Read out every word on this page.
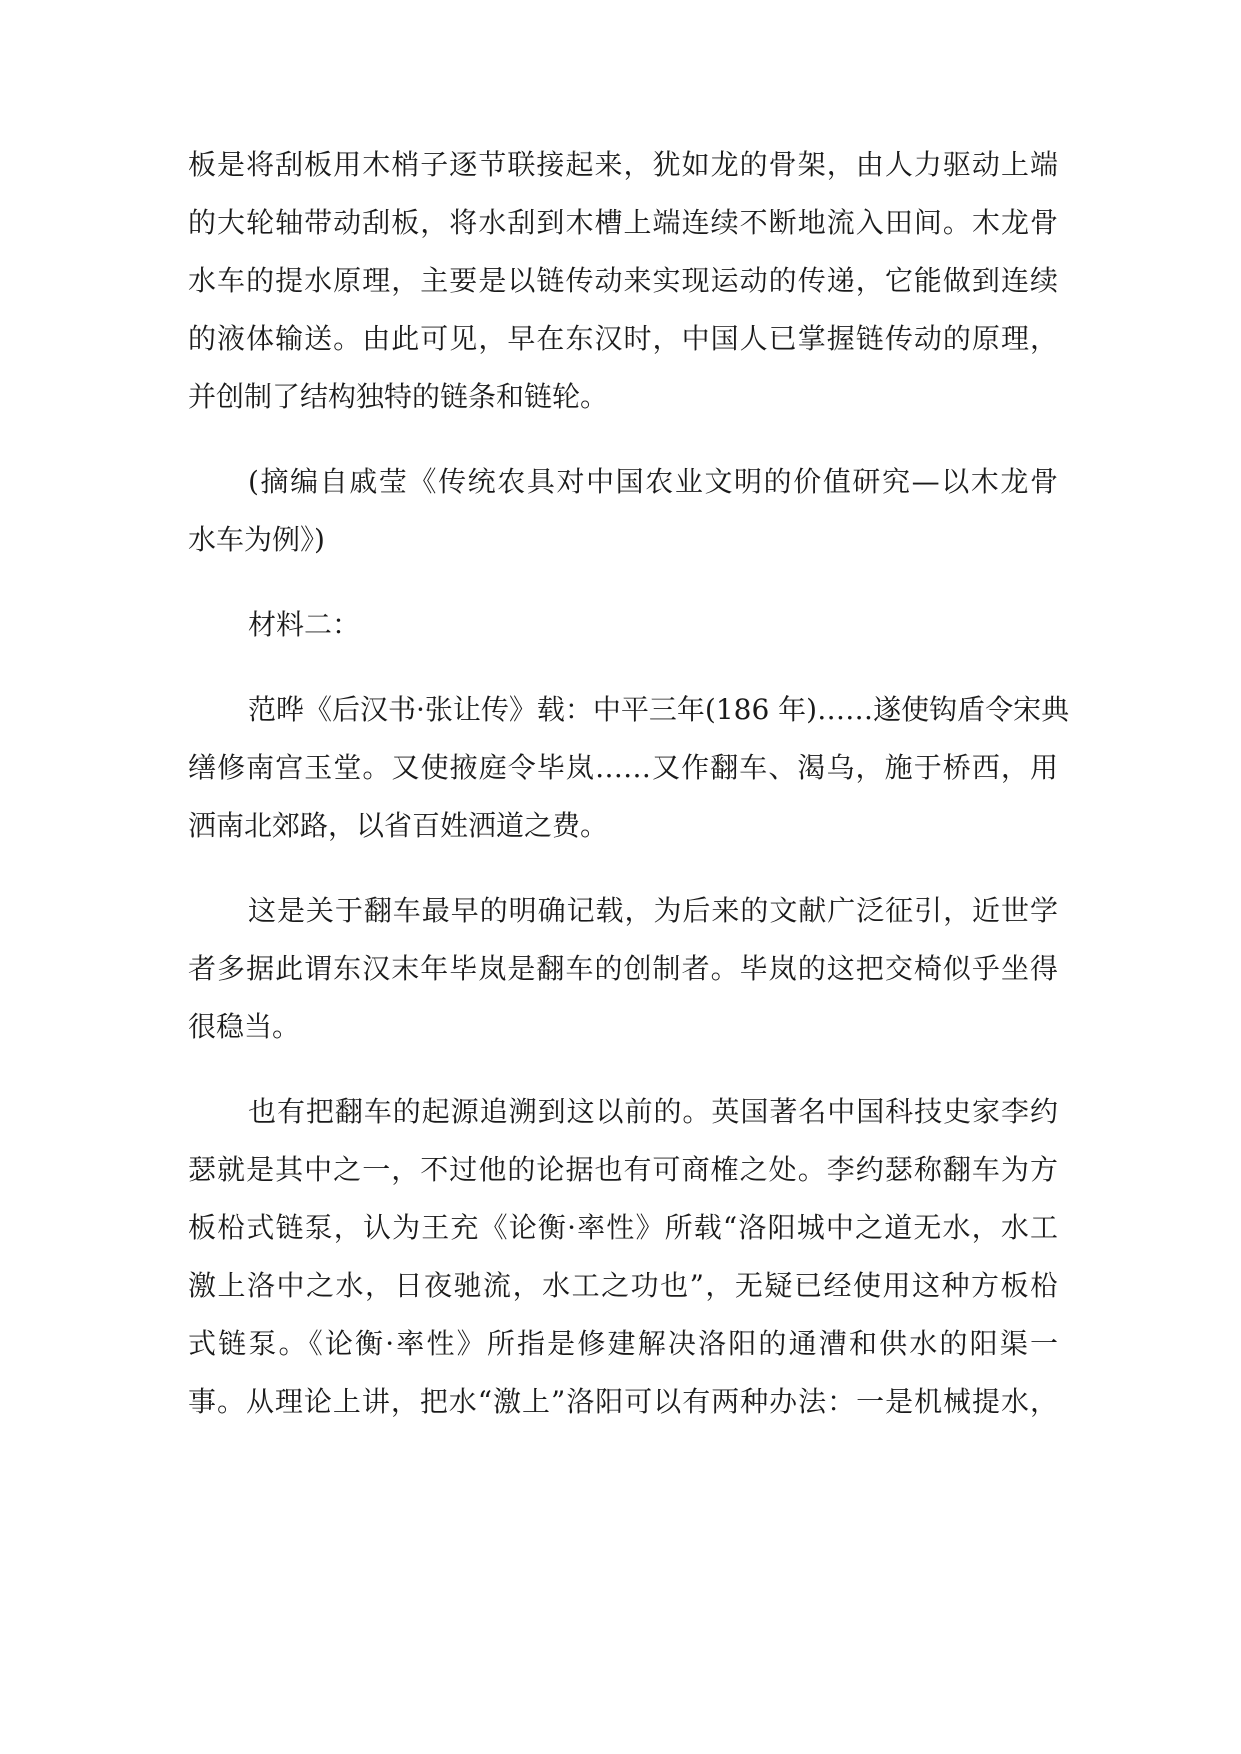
板是将刮板用木梢子逐节联接起来，犹如龙的骨架，由人力驱动上端
的大轮轴带动刮板，将水刮到木槽上端连续不断地流入田间。木龙骨
水车的提水原理，主要是以链传动来实现运动的传递，它能做到连续
的液体输送。由此可见，早在东汉时，中国人已掌握链传动的原理，
并创制了结构独特的链条和链轮。
(摘编自戚莹《传统农具对中国农业文明的价值研究—以木龙骨
水车为例》)
材料二：
范晔《后汉书·张让传》载：中平三年(186 年)……遂使钩盾令宋典
缮修南宫玉堂。又使掖庭令毕岚……又作翻车、渴乌，施于桥西，用
洒南北郊路，以省百姓洒道之费。
这是关于翻车最早的明确记载，为后来的文献广泛征引，近世学
者多据此谓东汉末年毕岚是翻车的创制者。毕岚的这把交椅似乎坐得
很稳当。
也有把翻车的起源追溯到这以前的。英国著名中国科技史家李约
瑟就是其中之一，不过他的论据也有可商榷之处。李约瑟称翻车为方
板柗式链泵，认为王充《论衡·率性》所载“洛阳城中之道无水，水工
激上洛中之水，日夜驰流，水工之功也”，无疑已经使用这种方板柗
式链泵。《论衡·率性》所指是修建解决洛阳的通漕和供水的阳渠一
事。从理论上讲，把水“激上”洛阳可以有两种办法：一是机械提水，
